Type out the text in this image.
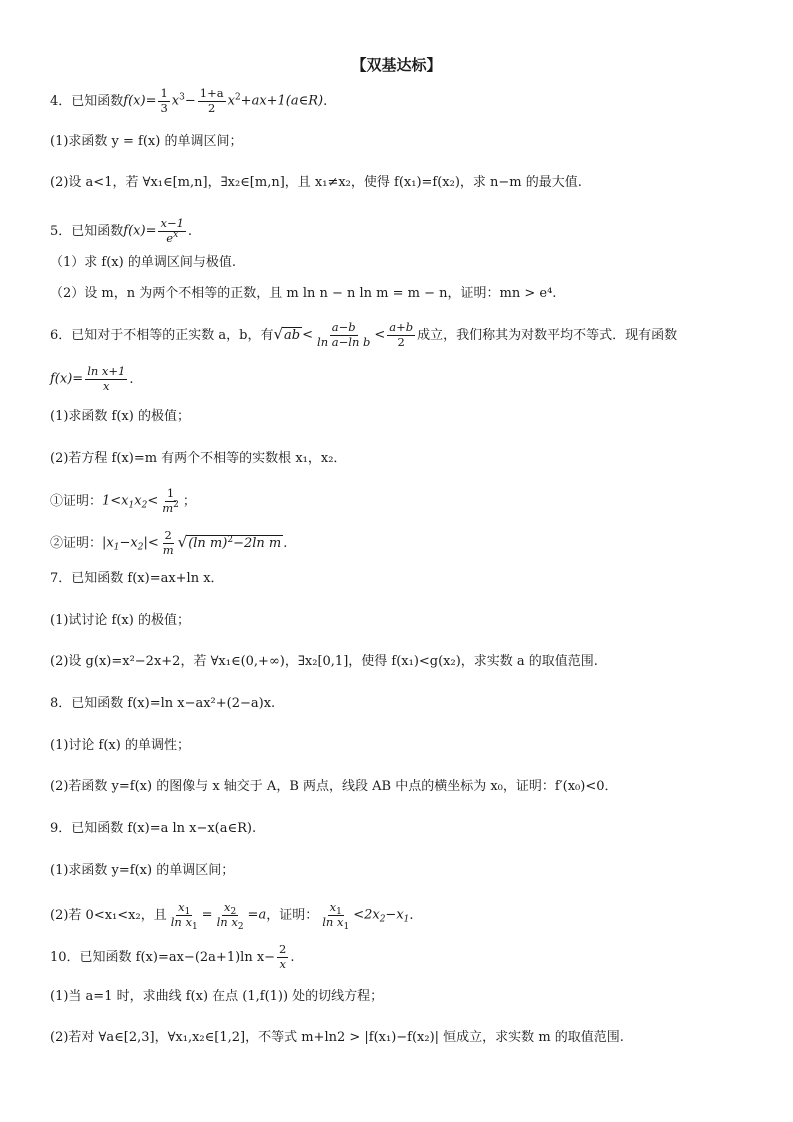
【双基达标】
4．已知函数 $f(x)= \frac{1}{3} x^3- \frac{1+a}{2}$ $x^2+ax+1(a\in R)$ .
(1)求函数 y = f(x) 的单调区间；
(2)设 a<1，若 ∀x₁∈[m,n]，∃x₂∈[m,n]，且 x₁≠x₂，使得 f(x₁)=f(x₂)，求 n−m 的最大值.
5．已知函数 $f(x)= \frac{x-1}{e^x}$ .
（1）求 f(x) 的单调区间与极值.
（2）设 m，n 为两个不相等的正数，且 m ln n − n ln m = m − n，证明：mn > e⁴.
6．已知对于不相等的正实数 a，b，有 $√ab < \frac{a-b}{\text{ln a−ln b}} < \frac{a+b}{2}$ 成立，我们称其为对数平均不等式．现有函数
$f(x)= \frac{\text{ln x+1}}{x}$ .
(1)求函数 f(x) 的极值；
(2)若方程 f(x)=m 有两个不相等的实数根 x₁，x₂．
①证明： $1<x_1x_2< \frac{1}{m^2}$ ；
②证明： $|x_1-x_2|< \frac{2}{m} √(\ln$ m)$^2$−2ln m .
7．已知函数 f(x)=ax+ln x．
(1)试讨论 f(x) 的极值；
(2)设 g(x)=x²−2x+2，若 ∀x₁∈(0,+∞)，∃x₂[0,1]，使得 f(x₁)<g(x₂)，求实数 a 的取值范围.
8．已知函数 f(x)=ln x−ax²+(2−a)x.
(1)讨论 f(x) 的单调性；
(2)若函数 y=f(x) 的图像与 x 轴交于 A，B 两点，线段 AB 中点的横坐标为 x₀，证明：f′(x₀)<0．
9．已知函数 f(x)=a ln x−x(a∈R).
(1)求函数 y=f(x) 的单调区间；
(2)若 0<x₁<x₂，且 $\frac{x_1}{\ln x_1} = \frac{x_2}{\ln x_2} =a$ ，证明： $\frac{x_1}{\ln x_1} <2x_2-x_1$ .
10．已知函数 f(x)=ax−(2a+1)ln $x- \frac{2}{x}$ .
(1)当 a=1 时，求曲线 f(x) 在点 (1,f(1)) 处的切线方程；
(2)若对 ∀a∈[2,3]，∀x₁,x₂∈[1,2]，不等式 m+ln2 > |f(x₁)−f(x₂)| 恒成立，求实数 m 的取值范围.
